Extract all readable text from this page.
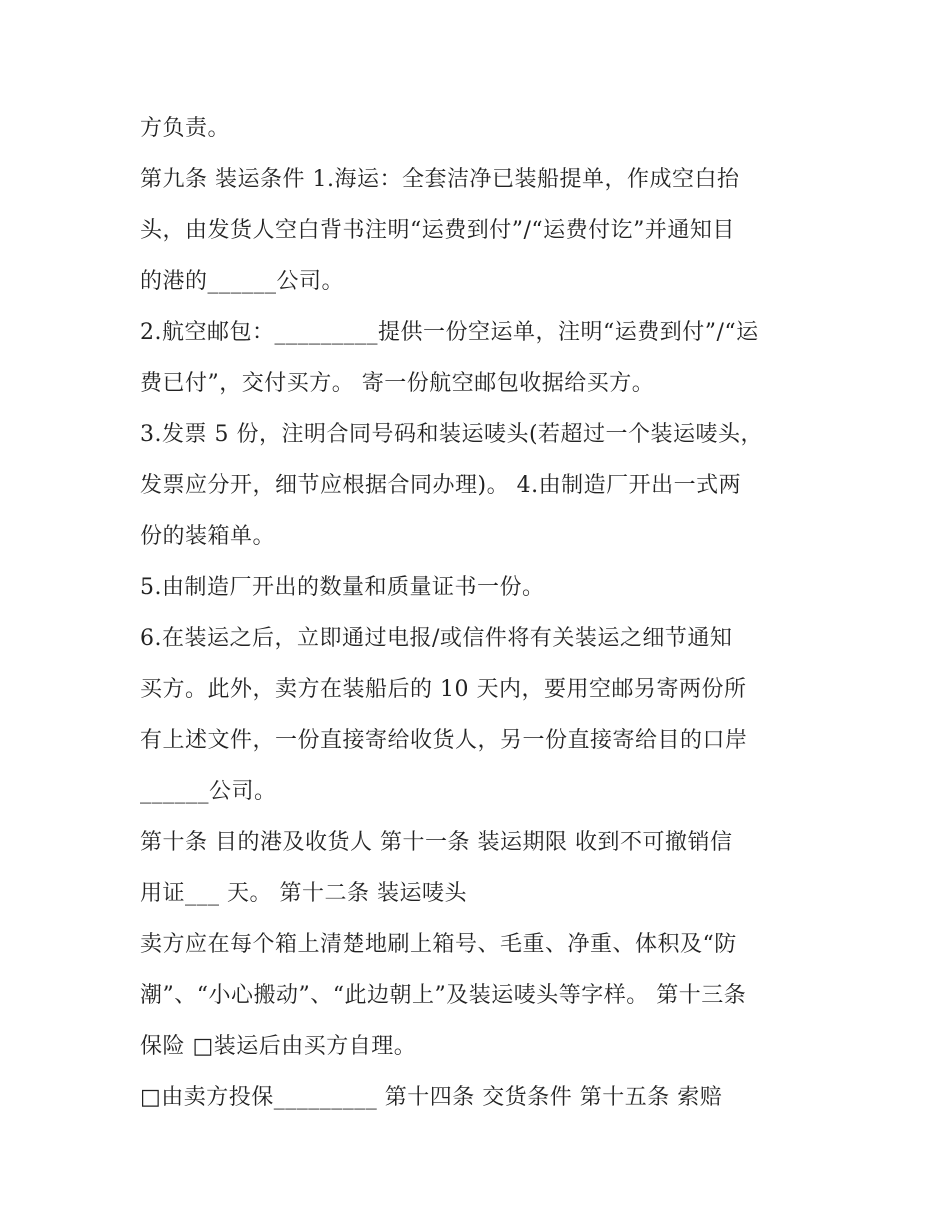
方负责。
第九条 装运条件 1.海运：全套洁净已装船提单，作成空白抬
头，由发货人空白背书注明“运费到付”/“运费付讫”并通知目
的港的______公司。
2.航空邮包：_________提供一份空运单，注明“运费到付”/“运
费已付”，交付买方。 寄一份航空邮包收据给买方。
3.发票 5 份，注明合同号码和装运唛头(若超过一个装运唛头，
发票应分开，细节应根据合同办理)。 4.由制造厂开出一式两
份的装箱单。
5.由制造厂开出的数量和质量证书一份。
6.在装运之后，立即通过电报/或信件将有关装运之细节通知
买方。此外，卖方在装船后的 10 天内，要用空邮另寄两份所
有上述文件，一份直接寄给收货人，另一份直接寄给目的口岸
______公司。
第十条 目的港及收货人 第十一条 装运期限 收到不可撤销信
用证___ 天。 第十二条 装运唛头
卖方应在每个箱上清楚地刷上箱号、毛重、净重、体积及“防
潮”、“小心搬动”、“此边朝上”及装运唛头等字样。 第十三条
保险 □装运后由买方自理。
□由卖方投保_________ 第十四条 交货条件 第十五条 索赔
